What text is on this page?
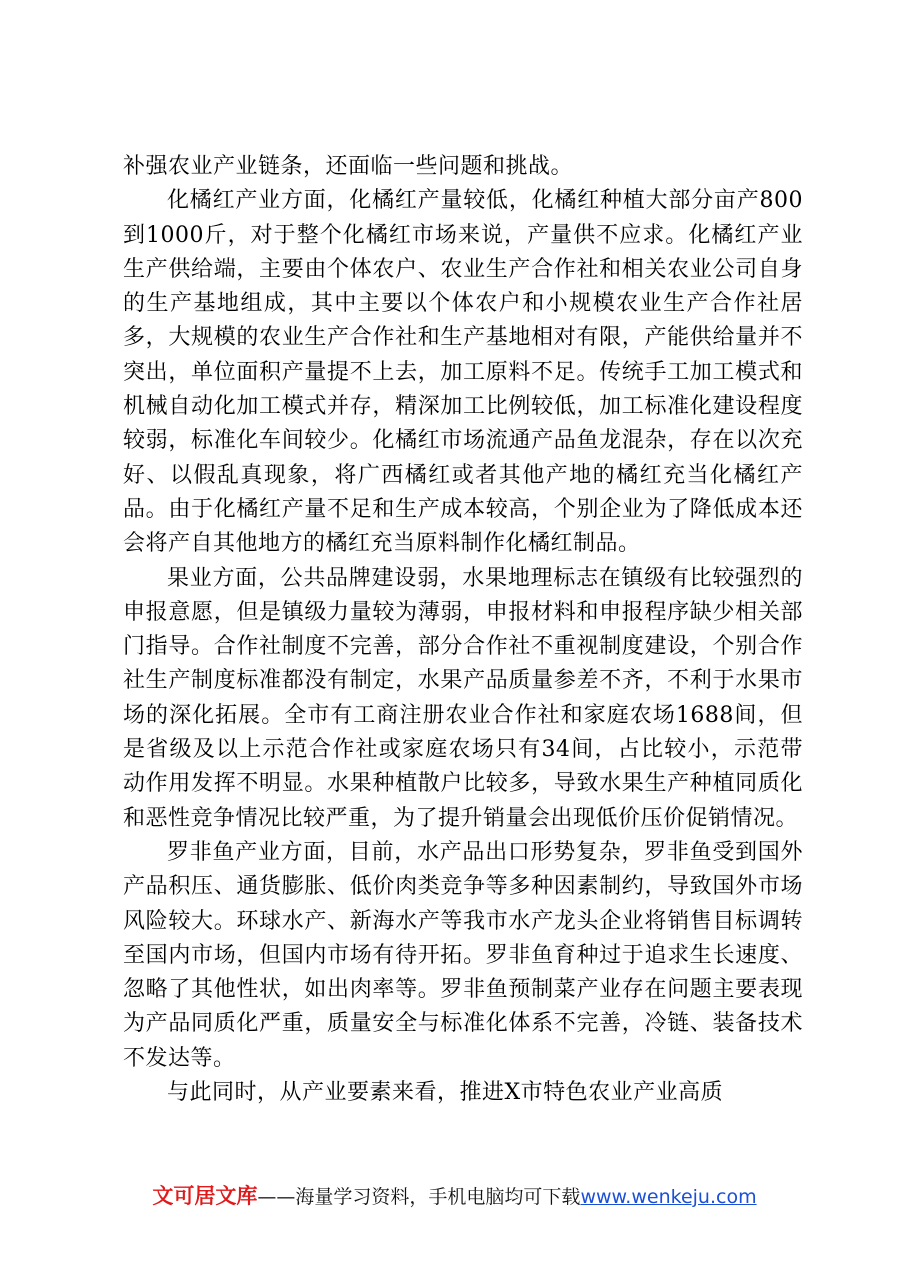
补强农业产业链条，还面临一些问题和挑战。

化橘红产业方面，化橘红产量较低，化橘红种植大部分亩产800到1000斤，对于整个化橘红市场来说，产量供不应求。化橘红产业生产供给端，主要由个体农户、农业生产合作社和相关农业公司自身的生产基地组成，其中主要以个体农户和小规模农业生产合作社居多，大规模的农业生产合作社和生产基地相对有限，产能供给量并不突出，单位面积产量提不上去，加工原料不足。传统手工加工模式和机械自动化加工模式并存，精深加工比例较低，加工标准化建设程度较弱，标准化车间较少。化橘红市场流通产品鱼龙混杂，存在以次充好、以假乱真现象，将广西橘红或者其他产地的橘红充当化橘红产品。由于化橘红产量不足和生产成本较高，个别企业为了降低成本还会将产自其他地方的橘红充当原料制作化橘红制品。

果业方面，公共品牌建设弱，水果地理标志在镇级有比较强烈的申报意愿，但是镇级力量较为薄弱，申报材料和申报程序缺少相关部门指导。合作社制度不完善，部分合作社不重视制度建设，个别合作社生产制度标准都没有制定，水果产品质量参差不齐，不利于水果市场的深化拓展。全市有工商注册农业合作社和家庭农场1688间，但是省级及以上示范合作社或家庭农场只有34间，占比较小，示范带动作用发挥不明显。水果种植散户比较多，导致水果生产种植同质化和恶性竞争情况比较严重，为了提升销量会出现低价压价促销情况。

罗非鱼产业方面，目前，水产品出口形势复杂，罗非鱼受到国外产品积压、通货膨胀、低价肉类竞争等多种因素制约，导致国外市场风险较大。环球水产、新海水产等我市水产龙头企业将销售目标调转至国内市场，但国内市场有待开拓。罗非鱼育种过于追求生长速度、忽略了其他性状，如出肉率等。罗非鱼预制菜产业存在问题主要表现为产品同质化严重，质量安全与标准化体系不完善，冷链、装备技术不发达等。

与此同时，从产业要素来看，推进X市特色农业产业高质

文可居文库——海量学习资料，手机电脑均可下载www.wenkeju.com
